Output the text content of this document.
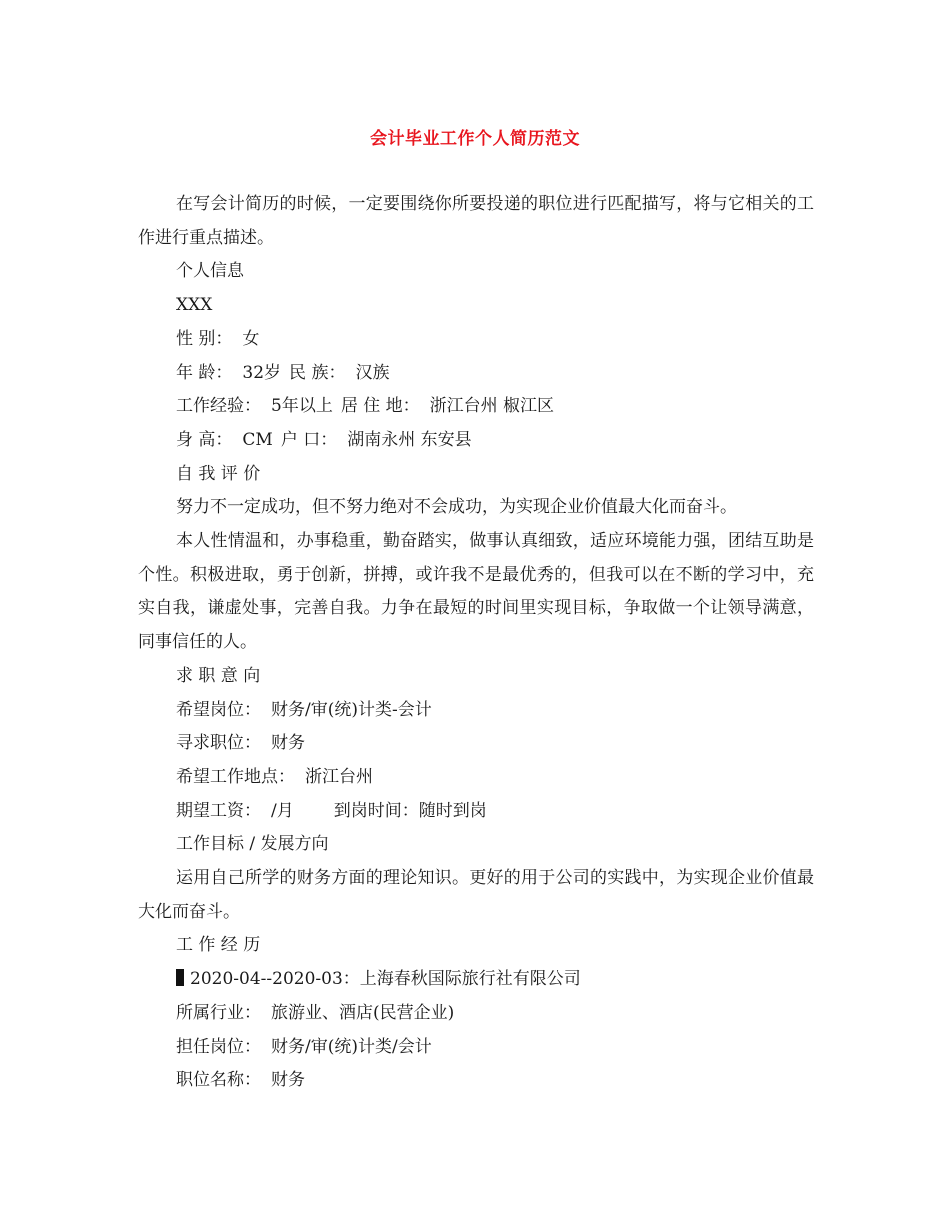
会计毕业工作个人简历范文

在写会计简历的时候，一定要围绕你所要投递的职位进行匹配描写，将与它相关的工作进行重点描述。

个人信息

XXX

性 别： 女

年 龄： 32岁 民 族： 汉族

工作经验： 5年以上 居 住 地： 浙江台州 椒江区

身 高： CM 户 口： 湖南永州 东安县

自 我 评 价

努力不一定成功，但不努力绝对不会成功，为实现企业价值最大化而奋斗。

本人性情温和，办事稳重，勤奋踏实，做事认真细致，适应环境能力强，团结互助是个性。积极进取，勇于创新，拼搏，或许我不是最优秀的，但我可以在不断的学习中，充实自我，谦虚处事，完善自我。力争在最短的时间里实现目标，争取做一个让领导满意，同事信任的人。

求 职 意 向

希望岗位： 财务/审(统)计类-会计

寻求职位： 财务

希望工作地点： 浙江台州

期望工资： /月 到岗时间：随时到岗

工作目标 / 发展方向

运用自己所学的财务方面的理论知识。更好的用于公司的实践中，为实现企业价值最大化而奋斗。

工 作 经 历

2020-04--2020-03：上海春秋国际旅行社有限公司

所属行业： 旅游业、酒店(民营企业)

担任岗位： 财务/审(统)计类/会计

职位名称： 财务
